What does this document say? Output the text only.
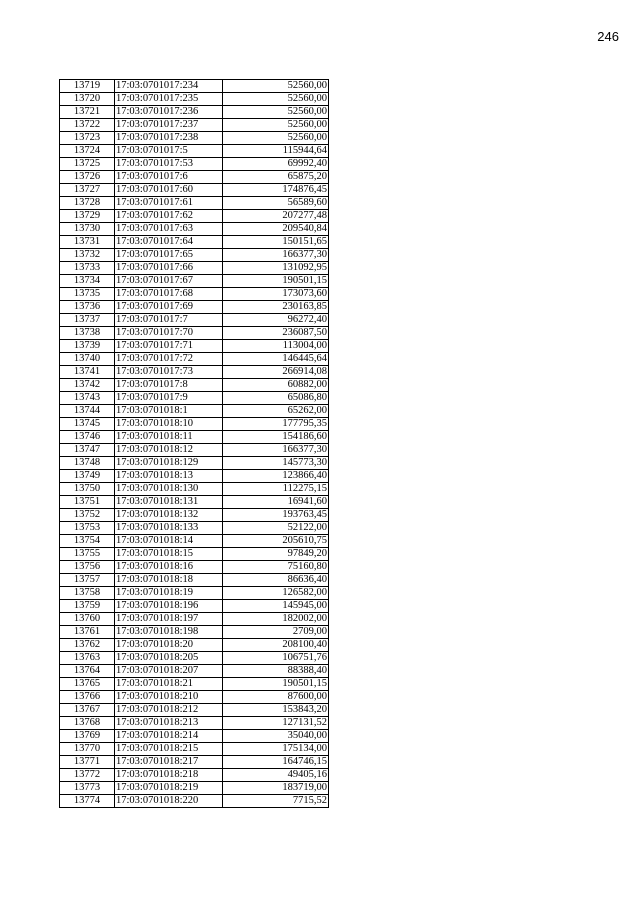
246
13719	17:03:0701017:234	52560,00
13720	17:03:0701017:235	52560,00
13721	17:03:0701017:236	52560,00
13722	17:03:0701017:237	52560,00
13723	17:03:0701017:238	52560,00
13724	17:03:0701017:5	115944,64
13725	17:03:0701017:53	69992,40
13726	17:03:0701017:6	65875,20
13727	17:03:0701017:60	174876,45
13728	17:03:0701017:61	56589,60
13729	17:03:0701017:62	207277,48
13730	17:03:0701017:63	209540,84
13731	17:03:0701017:64	150151,65
13732	17:03:0701017:65	166377,30
13733	17:03:0701017:66	131092,95
13734	17:03:0701017:67	190501,15
13735	17:03:0701017:68	173073,60
13736	17:03:0701017:69	230163,85
13737	17:03:0701017:7	96272,40
13738	17:03:0701017:70	236087,50
13739	17:03:0701017:71	113004,00
13740	17:03:0701017:72	146445,64
13741	17:03:0701017:73	266914,08
13742	17:03:0701017:8	60882,00
13743	17:03:0701017:9	65086,80
13744	17:03:0701018:1	65262,00
13745	17:03:0701018:10	177795,35
13746	17:03:0701018:11	154186,60
13747	17:03:0701018:12	166377,30
13748	17:03:0701018:129	145773,30
13749	17:03:0701018:13	123866,40
13750	17:03:0701018:130	112275,15
13751	17:03:0701018:131	16941,60
13752	17:03:0701018:132	193763,45
13753	17:03:0701018:133	52122,00
13754	17:03:0701018:14	205610,75
13755	17:03:0701018:15	97849,20
13756	17:03:0701018:16	75160,80
13757	17:03:0701018:18	86636,40
13758	17:03:0701018:19	126582,00
13759	17:03:0701018:196	145945,00
13760	17:03:0701018:197	182002,00
13761	17:03:0701018:198	2709,00
13762	17:03:0701018:20	208100,40
13763	17:03:0701018:205	106751,76
13764	17:03:0701018:207	88388,40
13765	17:03:0701018:21	190501,15
13766	17:03:0701018:210	87600,00
13767	17:03:0701018:212	153843,20
13768	17:03:0701018:213	127131,52
13769	17:03:0701018:214	35040,00
13770	17:03:0701018:215	175134,00
13771	17:03:0701018:217	164746,15
13772	17:03:0701018:218	49405,16
13773	17:03:0701018:219	183719,00
13774	17:03:0701018:220	7715,52
